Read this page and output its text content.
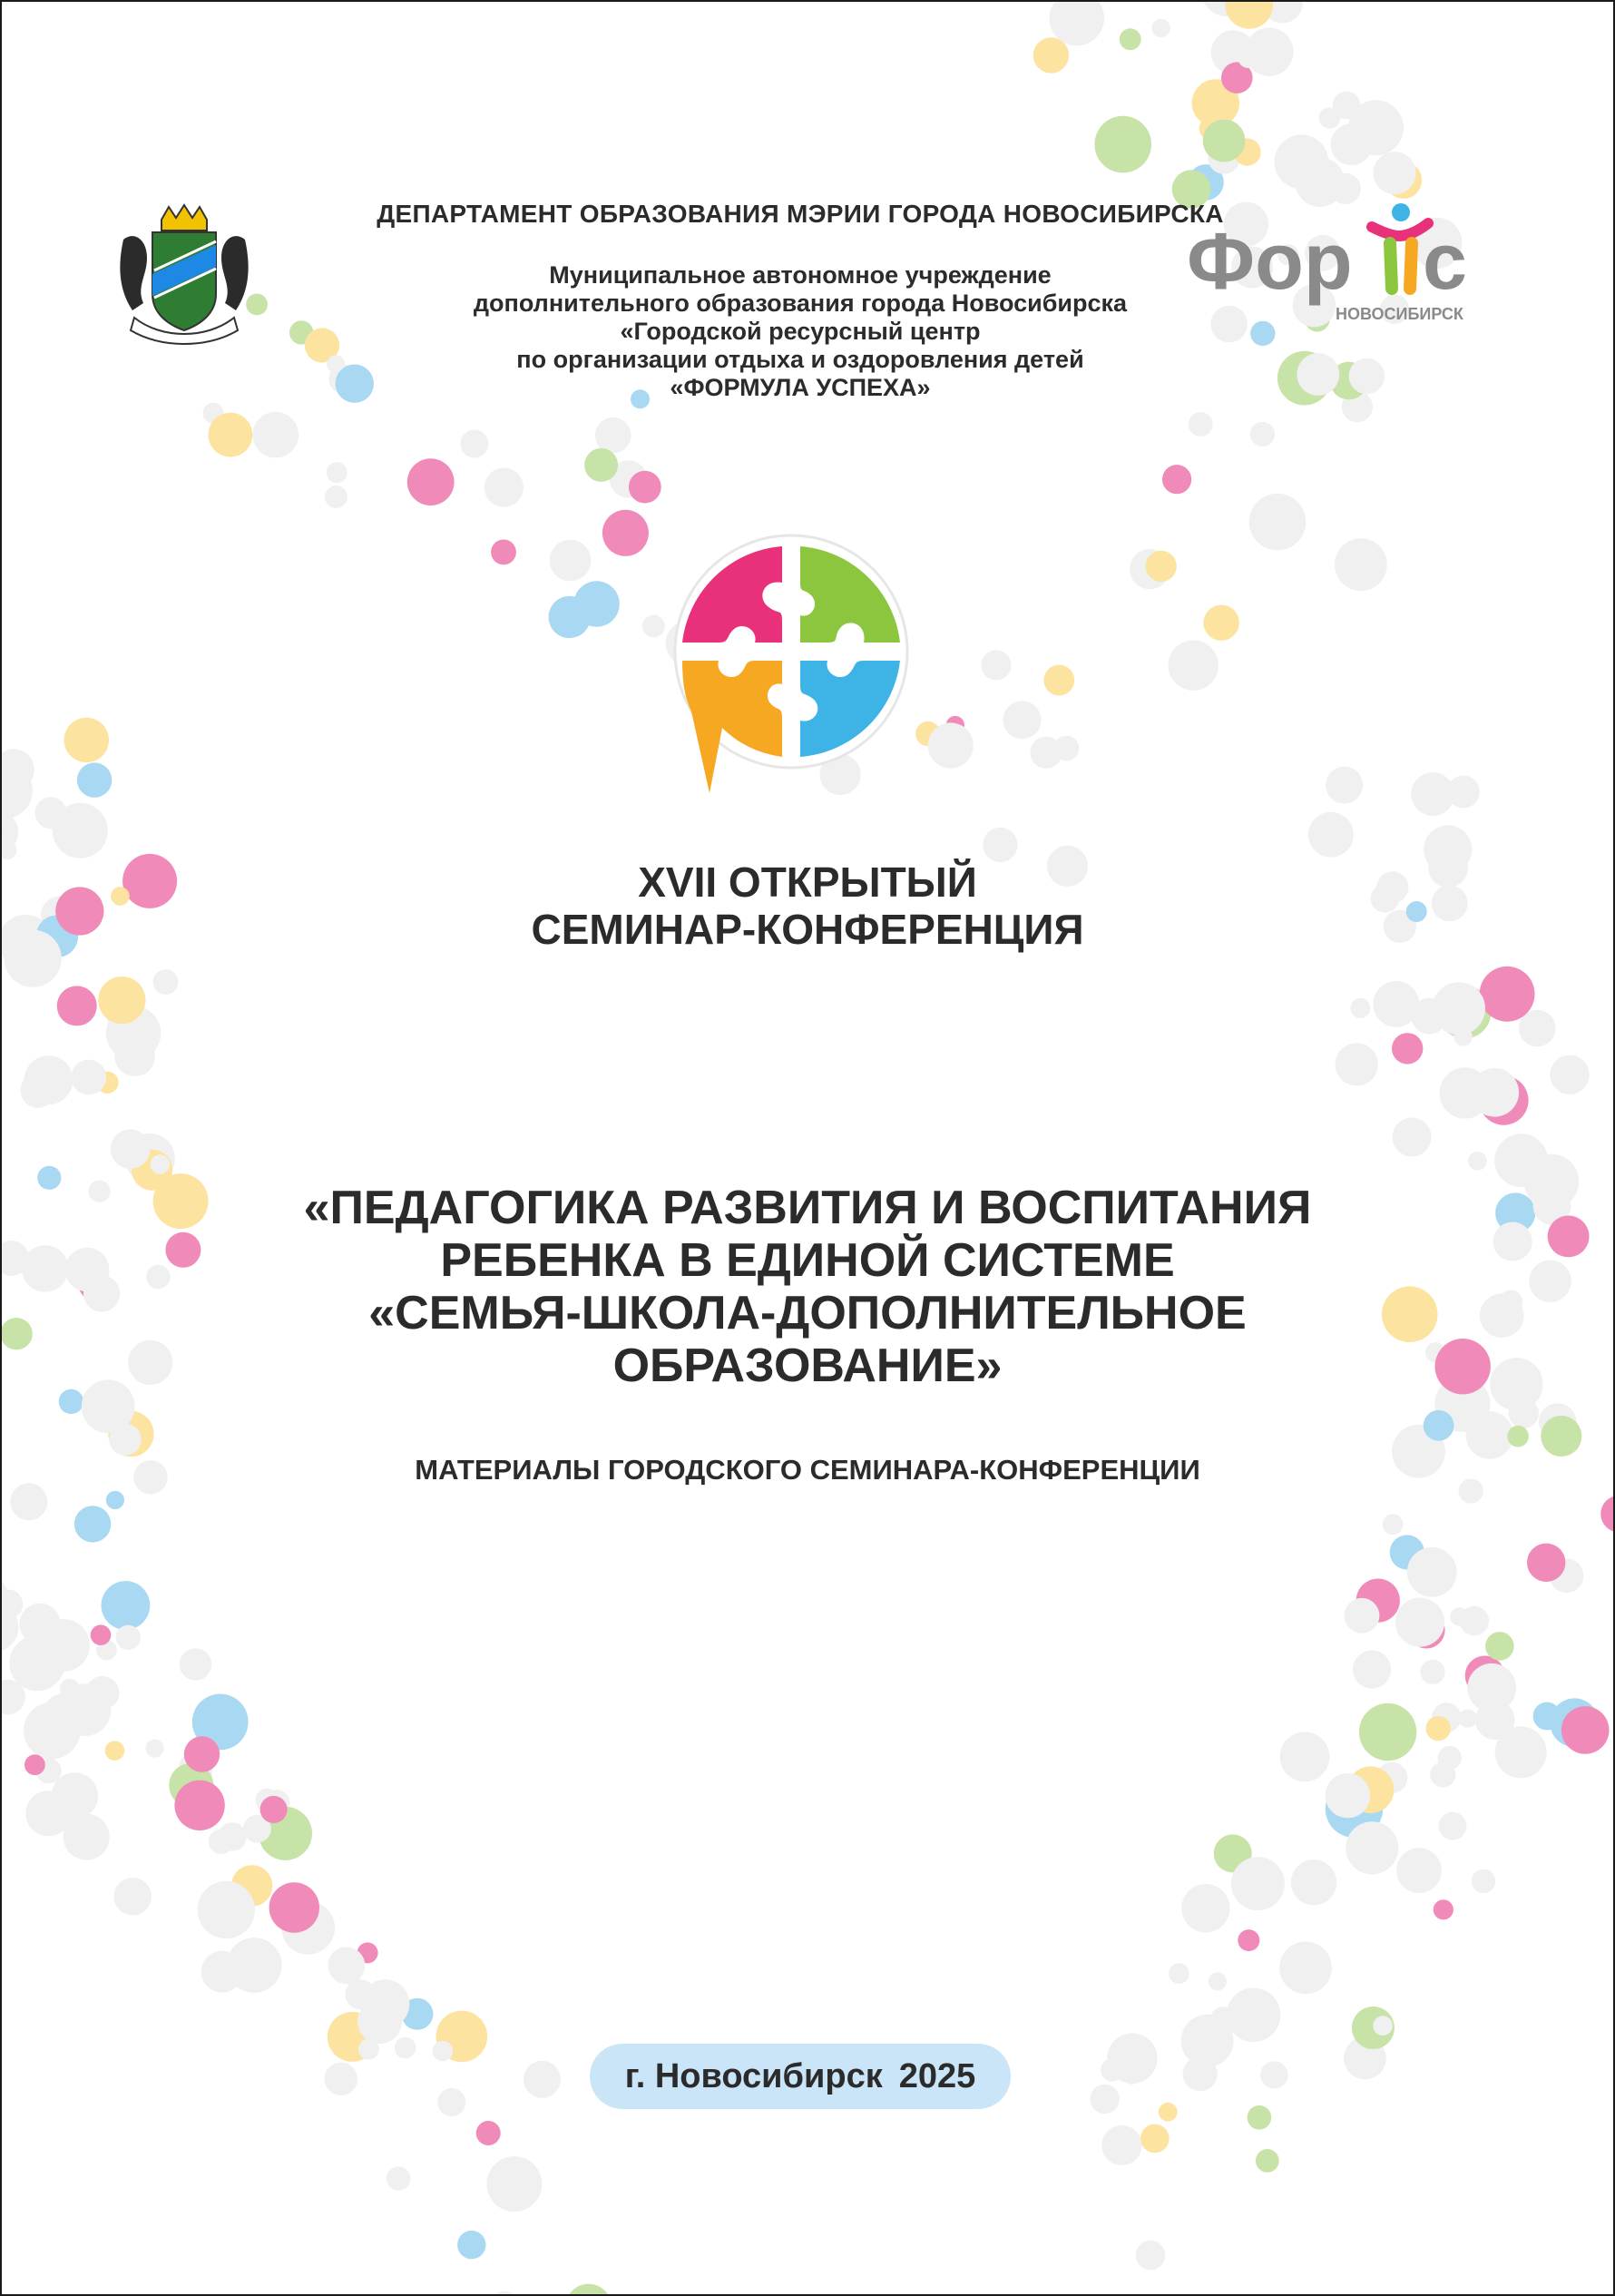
Фор с
НОВОСИБИРСК

ДЕПАРТАМЕНТ ОБРАЗОВАНИЯ МЭРИИ ГОРОДА НОВОСИБИРСКА

Муниципальное автономное учреждение
дополнительного образования города Новосибирска
«Городской ресурсный центр
по организации отдыха и оздоровления детей
«ФОРМУЛА УСПЕХА»
XVII ОТКРЫТЫЙ
СЕМИНАР-КОНФЕРЕНЦИЯ
«ПЕДАГОГИКА РАЗВИТИЯ И ВОСПИТАНИЯ
РЕБЕНКА В ЕДИНОЙ СИСТЕМЕ
«СЕМЬЯ-ШКОЛА-ДОПОЛНИТЕЛЬНОЕ
ОБРАЗОВАНИЕ»

МАТЕРИАЛЫ ГОРОДСКОГО СЕМИНАРА-КОНФЕРЕНЦИИ

г. Новосибирск 2025
